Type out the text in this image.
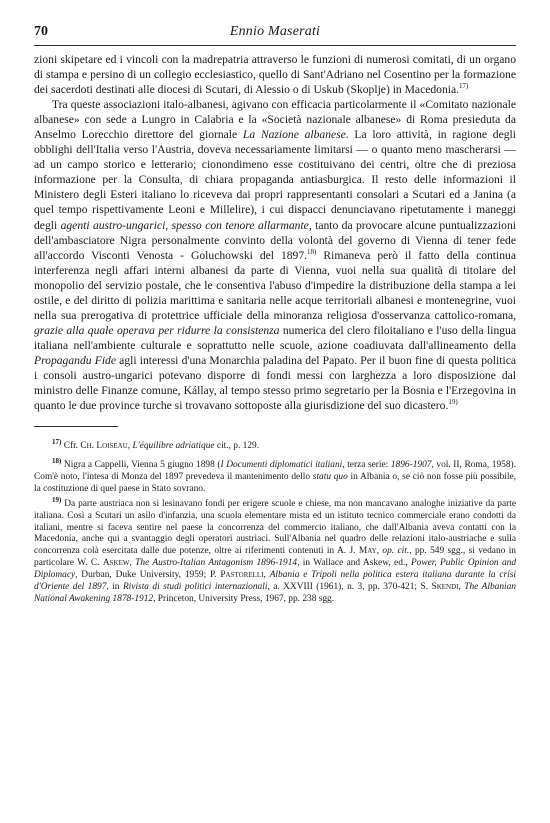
70	Ennio Maserati

zioni skipetare ed i vincoli con la madrepatria attraverso le funzioni di numerosi comitati, di un organo di stampa e persino di un collegio ecclesiastico, quello di Sant'Adriano nel Cosentino per la formazione dei sacerdoti destinati alle diocesi di Scutari, di Alessio o di Uskub (Skoplje) in Macedonia.$^{17)}$

Tra queste associazioni italo-albanesi, agivano con efficacia particolarmente il «Comitato nazionale albanese» con sede a Lungro in Calabria e la «Società nazionale albanese» di Roma presieduta da Anselmo Lorecchio direttore del giornale La Nazione albanese. La loro attività, in ragione degli obblighi dell'Italia verso l'Austria, doveva necessariamente limitarsi — o quanto meno mascherarsi — ad un campo storico e letterario; cionondimeno esse costituivano dei centri, oltre che di preziosa informazione per la Consulta, di chiara propaganda antiasburgica. Il resto delle informazioni il Ministero degli Esteri italiano lo riceveva dai propri rappresentanti consolari a Scutari ed a Janina (a quel tempo rispettivamente Leoni e Millelire), i cui dispacci denunciavano ripetutamente i maneggi degli agenti austro-ungarici, spesso con tenore allarmante, tanto da provocare alcune puntualizzazioni dell'ambasciatore Nigra personalmente convinto della volontà del governo di Vienna di tener fede all'accordo Visconti Venosta - Goluchowski del 1897.$^{18)}$ Rimaneva però il fatto della continua interferenza negli affari interni albanesi da parte di Vienna, vuoi nella sua qualità di titolare del monopolio del servizio postale, che le consentiva l'abuso d'impedire la distribuzione della stampa a lei ostile, e del diritto di polizia marittima e sanitaria nelle acque territoriali albanesi e montenegrine, vuoi nella sua prerogativa di protettrice ufficiale della minoranza religiosa d'osservanza cattolico-romana, grazie alla quale operava per ridurre la consistenza numerica del clero filoitaliano e l'uso della lingua italiana nell'ambiente culturale e soprattutto nelle scuole, azione coadiuvata dall'allineamento della Propagandu Fide agli interessi d'una Monarchia paladina del Papato. Per il buon fine di questa politica i consoli austro-ungarici potevano disporre di fondi messi con larghezza a loro disposizione dal ministro delle Finanze comune, Kállay, al tempo stesso primo segretario per la Bosnia e l'Erzegovina in quanto le due province turche si trovavano sottoposte alla giurisdizione del suo dicastero.$^{19)}$

$^{17)}$ Cfr. Ch. Loiseau, L'équilibre adriatique cit., p. 129.

$^{18)}$ Nigra a Cappelli, Vienna 5 giugno 1898 (I Documenti diplomatici italiani, terza serie: 1896-1907, vol. II, Roma, 1958). Com'è noto, l'intesa di Monza del 1897 prevedeva il mantenimento dello statu quo in Albania o, se ciò non fosse più possibile, la costituzione di quel paese in Stato sovrano.

$^{19)}$ Da parte austriaca non si lesinavano fondi per erigere scuole e chiese, ma non mancavano analoghe iniziative da parte italiana. Così a Scutari un asilo d'infanzia, una scuola elementare mista ed un istituto tecnico commerciale erano condotti da italiani, mentre si faceva sentire nel paese la concorrenza del commercio italiano, che dall'Albania aveva contatti con la Macedonia, anche qui a svantaggio degli operatori austriaci. Sull'Albania nel quadro delle relazioni italo-austriache e sulla concorrenza colà esercitata dalle due potenze, oltre ai riferimenti contenuti in A. J. May, op. cit., pp. 549 sgg., si vedano in particolare W. C. Askew, The Austro-Italian Antagonism 1896-1914, in Wallace and Askew, ed., Power, Public Opinion and Diplomacy, Durban, Duke University, 1959; P. Pastorelli, Albania e Tripoli nella politica estera italiana durante la crisi d'Oriente del 1897, in Rivista di studi politici internazionali, a. XXVIII (1961), n. 3, pp. 370-421; S. Skendi, The Albanian National Awakening 1878-1912, Princeton, University Press, 1967, pp. 238 sgg.
